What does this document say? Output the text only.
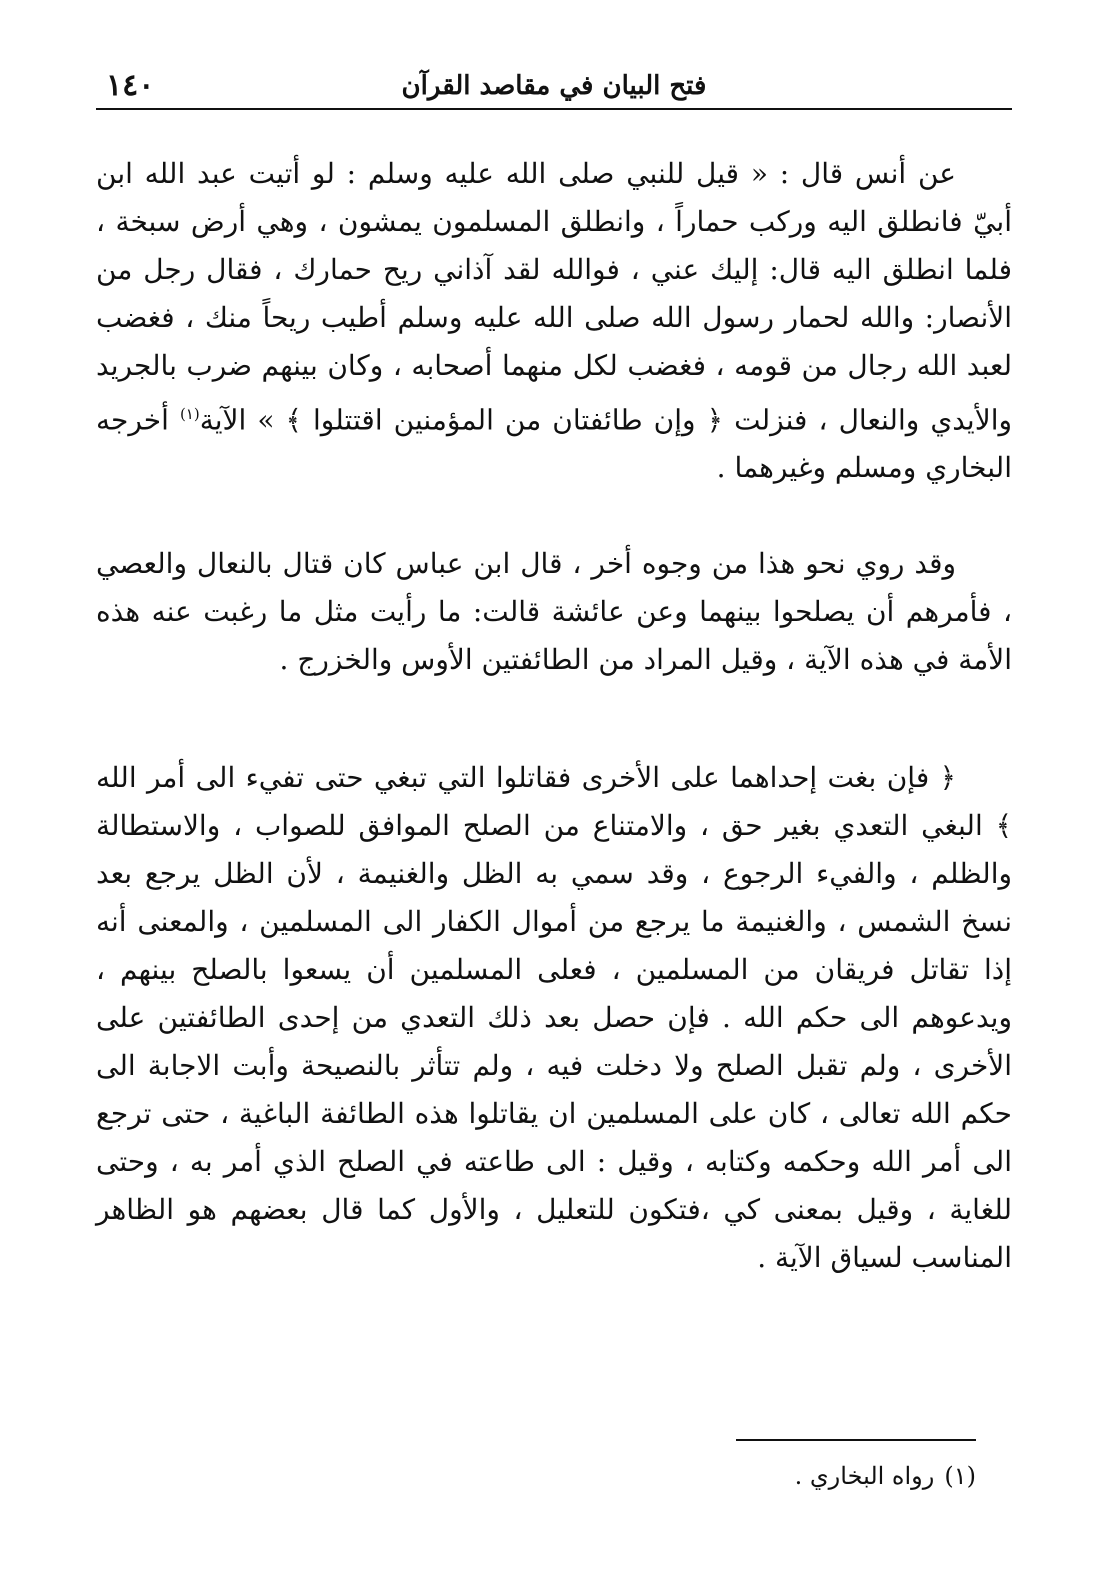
١٤٠	فتح البيان في مقاصد القرآن

عن أنس قال : « قيل للنبي صلى الله عليه وسلم : لو أتيت عبد الله ابن أبيّ فانطلق اليه وركب حماراً ، وانطلق المسلمون يمشون ، وهي أرض سبخة ، فلما انطلق اليه قال: إليك عني ، فوالله لقد آذاني ريح حمارك ، فقال رجل من الأنصار: والله لحمار رسول الله صلى الله عليه وسلم أطيب ريحاً منك ، فغضب لعبد الله رجال من قومه ، فغضب لكل منهما أصحابه ، وكان بينهم ضرب بالجريد والأيدي والنعال ، فنزلت ﴿ وإن طائفتان من المؤمنين اقتتلوا ﴾ » الآية$^{(١)}$ أخرجه البخاري ومسلم وغيرهما .

وقد روي نحو هذا من وجوه أخر ، قال ابن عباس كان قتال بالنعال والعصي ، فأمرهم أن يصلحوا بينهما وعن عائشة قالت: ما رأيت مثل ما رغبت عنه هذه الأمة في هذه الآية ، وقيل المراد من الطائفتين الأوس والخزرج .

﴿ فإن بغت إحداهما على الأخرى فقاتلوا التي تبغي حتى تفيء الى أمر الله ﴾ البغي التعدي بغير حق ، والامتناع من الصلح الموافق للصواب ، والاستطالة والظلم ، والفيء الرجوع ، وقد سمي به الظل والغنيمة ، لأن الظل يرجع بعد نسخ الشمس ، والغنيمة ما يرجع من أموال الكفار الى المسلمين ، والمعنى أنه إذا تقاتل فريقان من المسلمين ، فعلى المسلمين أن يسعوا بالصلح بينهم ، ويدعوهم الى حكم الله . فإن حصل بعد ذلك التعدي من إحدى الطائفتين على الأخرى ، ولم تقبل الصلح ولا دخلت فيه ، ولم تتأثر بالنصيحة وأبت الاجابة الى حكم الله تعالى ، كان على المسلمين ان يقاتلوا هذه الطائفة الباغية ، حتى ترجع الى أمر الله وحكمه وكتابه ، وقيل : الى طاعته في الصلح الذي أمر به ، وحتى للغاية ، وقيل بمعنى كي ،فتكون للتعليل ، والأول كما قال بعضهم هو الظاهر المناسب لسياق الآية .

(١)رواه البخاري .
